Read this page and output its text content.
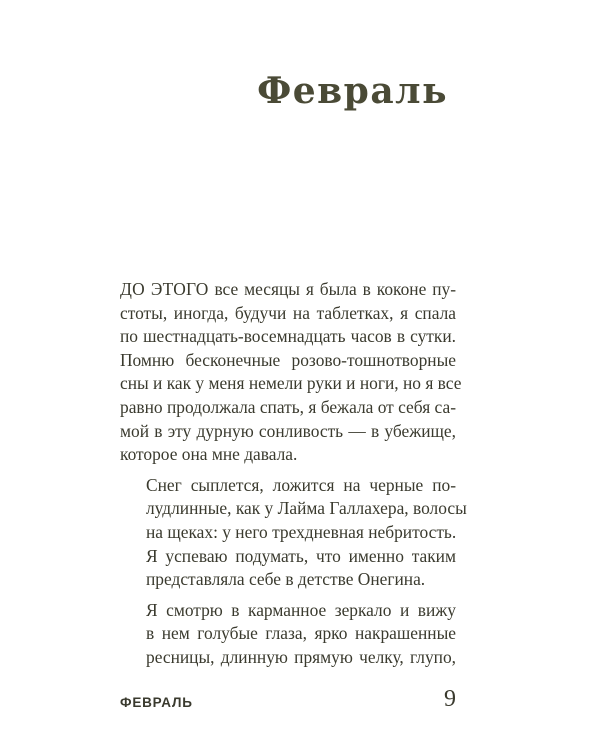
Февраль

ДО ЭТОГО все месяцы я была в коконе пу-
стоты, иногда, будучи на таблетках, я спала
по шестнадцать-восемнадцать часов в сутки.
Помню бесконечные розово-тошнотворные
сны и как у меня немели руки и ноги, но я все
равно продолжала спать, я бежала от себя са-
мой в эту дурную сонливость — в убежище,
которое она мне давала.

Снег сыплется, ложится на черные по-
лудлинные, как у Лайма Галлахера, волосы
на щеках: у него трехдневная небритость.
Я успеваю подумать, что именно таким
представляла себе в детстве Онегина.

Я смотрю в карманное зеркало и вижу
в нем голубые глаза, ярко накрашенные
ресницы, длинную прямую челку, глупо,

ФЕВРАЛЬ	9
